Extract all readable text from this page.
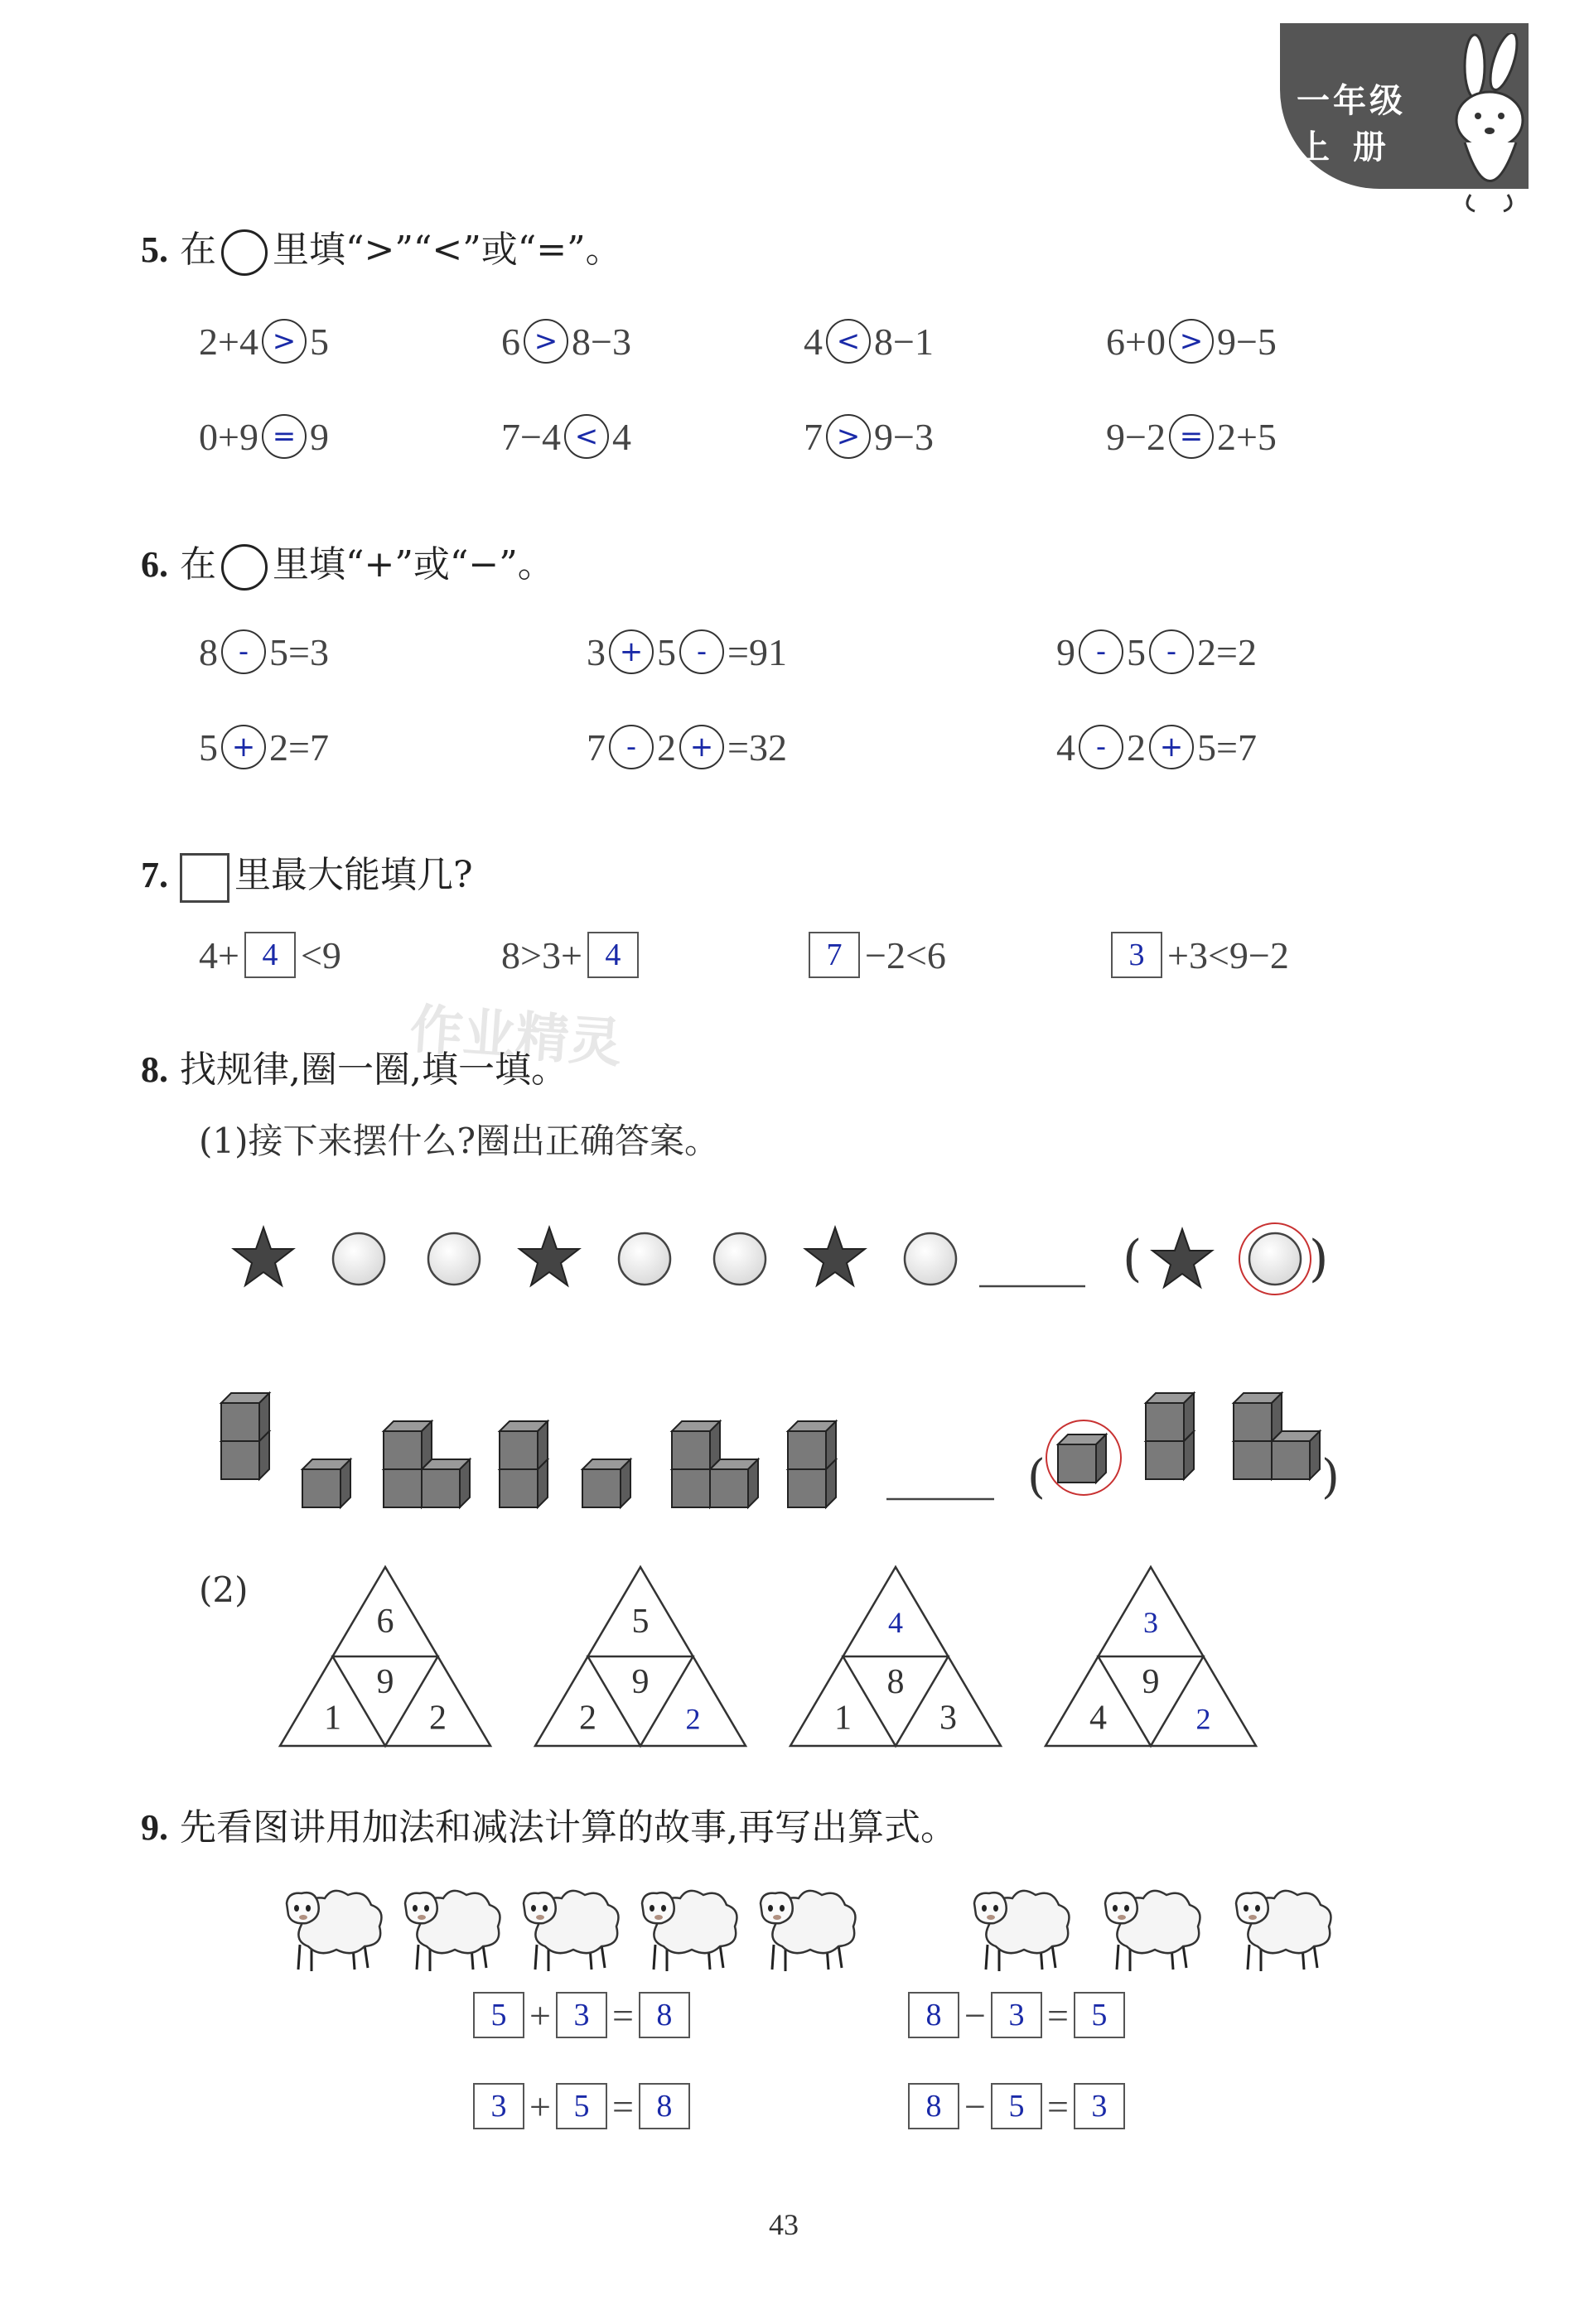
一年级
上  册
5. 在 里填“>”“<”或“=”。
2+4 > 5	6 > 8−3	4 < 8−1	6+0 > 9−5
0+9 = 9	7−4 < 4	7 > 9−3	9−2 = 2+5
6. 在 里填“+”或“−”。
8 - 5 =3	3 + 5 - =9 1	9 - 5 - 2 =2
5 + 2 =7	7 - 2 + =3 2	4 - 2 + 5 =7
7. 里最大能填几?
4+ 4 <9	8>3+ 4	7 −2<6	3 +3<9−2
作业精灵
8. 找规律,圈一圈,填一填。
(1)接下来摆什么?圈出正确答案。
(	)
(	)
(2)
6
9
1	2
5
9
2	2
4
8
1	3
3
9
4	2
9. 先看图讲用加法和减法计算的故事,再写出算式。
5 + 3 = 8	8 − 3 = 5
3 + 5 = 8	8 − 5 = 3
43
